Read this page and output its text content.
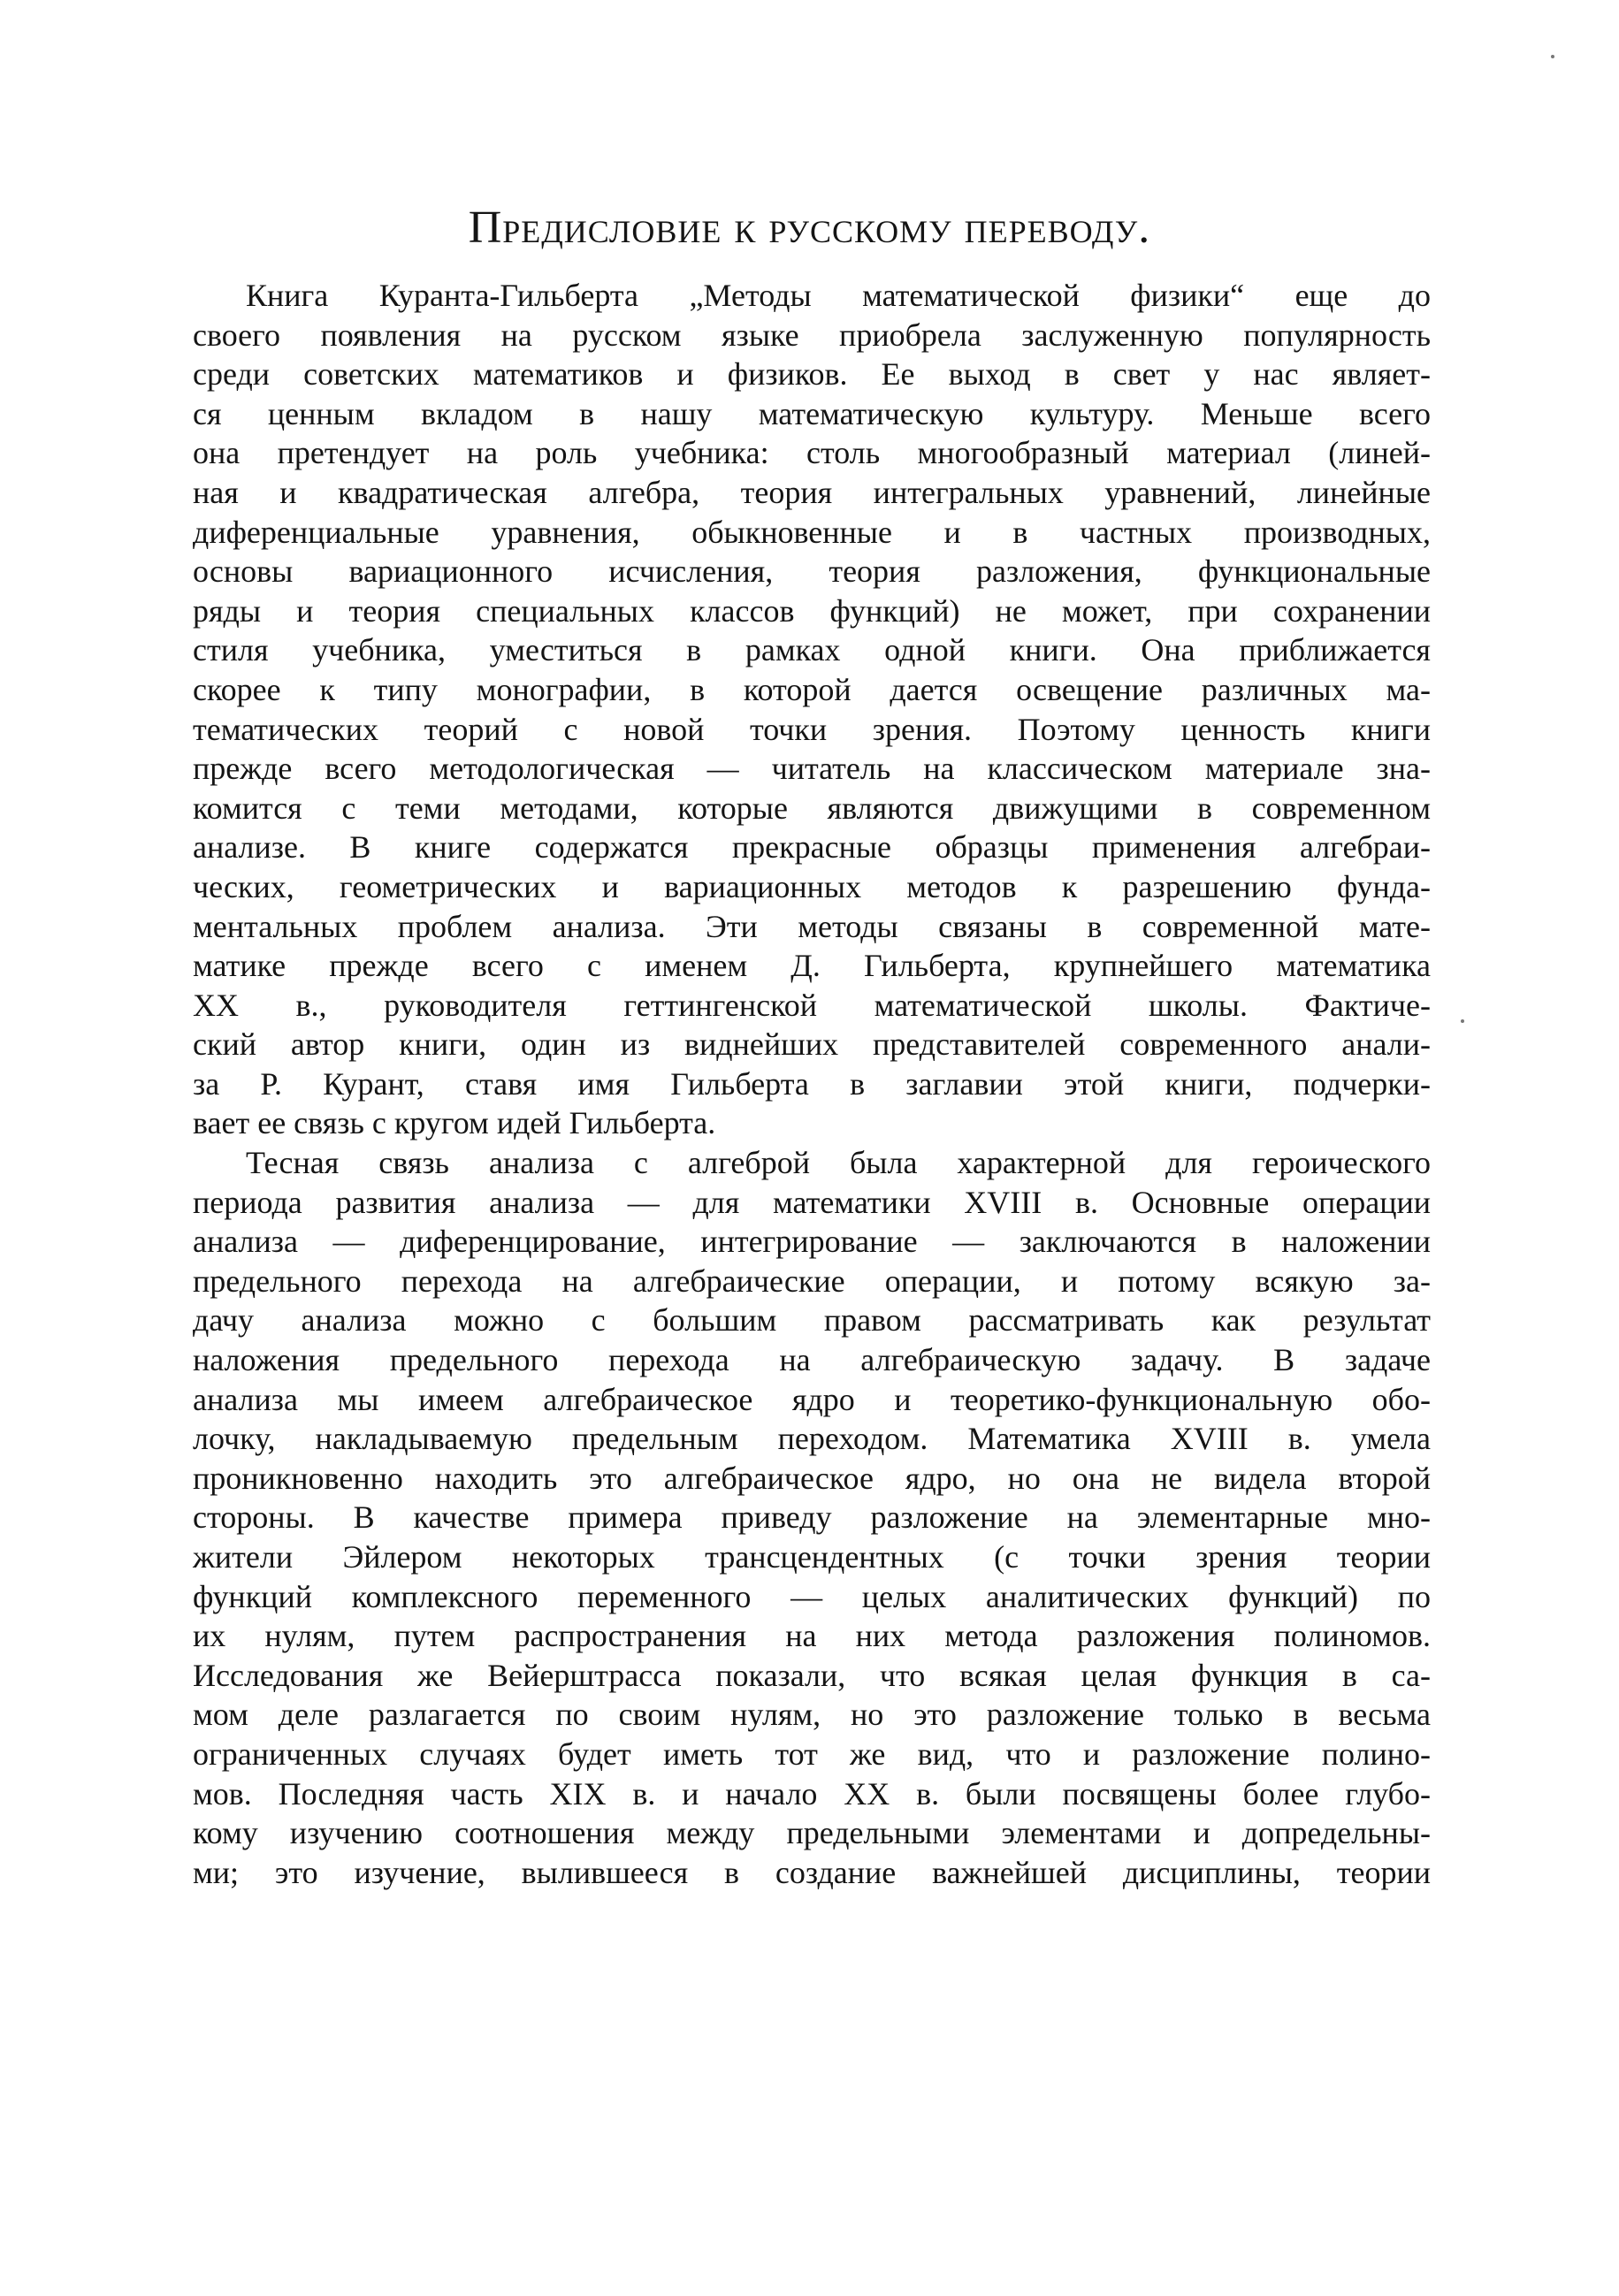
Предисловие к русскому переводу.
Книга Куранта-Гильберта „Методы математической физики“ еще до
своего появления на русском языке приобрела заслуженную популярность
среди советских математиков и физиков. Ее выход в свет у нас являет-
ся ценным вкладом в нашу математическую культуру. Меньше всего
она претендует на роль учебника: столь многообразный материал (линей-
ная и квадратическая алгебра, теория интегральных уравнений, линейные
диференциальные уравнения, обыкновенные и в частных производных,
основы вариационного исчисления, теория разложения, функциональные
ряды и теория специальных классов функций) не может, при сохранении
стиля учебника, уместиться в рамках одной книги. Она приближается
скорее к типу монографии, в которой дается освещение различных ма-
тематических теорий с новой точки зрения. Поэтому ценность книги
прежде всего методологическая — читатель на классическом материале зна-
комится с теми методами, которые являются движущими в современном
анализе. В книге содержатся прекрасные образцы применения алгебраи-
ческих, геометрических и вариационных методов к разрешению фунда-
ментальных проблем анализа. Эти методы связаны в современной мате-
матике прежде всего с именем Д. Гильберта, крупнейшего математика
XX в., руководителя геттингенской математической школы. Фактиче-
ский автор книги, один из виднейших представителей современного анали-
за Р. Курант, ставя имя Гильберта в заглавии этой книги, подчерки-
вает ее связь с кругом идей Гильберта.
Тесная связь анализа с алгеброй была характерной для героического
периода развития анализа — для математики XVIII в. Основные операции
анализа — диференцирование, интегрирование — заключаются в наложении
предельного перехода на алгебраические операции, и потому всякую за-
дачу анализа можно с большим правом рассматривать как результат
наложения предельного перехода на алгебраическую задачу. В задаче
анализа мы имеем алгебраическое ядро и теоретико-функциональную обо-
лочку, накладываемую предельным переходом. Математика XVIII в. умела
проникновенно находить это алгебраическое ядро, но она не видела второй
стороны. В качестве примера приведу разложение на элементарные мно-
жители Эйлером некоторых трансцендентных (с точки зрения теории
функций комплексного переменного — целых аналитических функций) по
их нулям, путем распространения на них метода разложения полиномов.
Исследования же Вейерштрасса показали, что всякая целая функция в са-
мом деле разлагается по своим нулям, но это разложение только в весьма
ограниченных случаях будет иметь тот же вид, что и разложение полино-
мов. Последняя часть XIX в. и начало XX в. были посвящены более глубо-
кому изучению соотношения между предельными элементами и допредельны-
ми; это изучение, вылившееся в создание важнейшей дисциплины, теории
